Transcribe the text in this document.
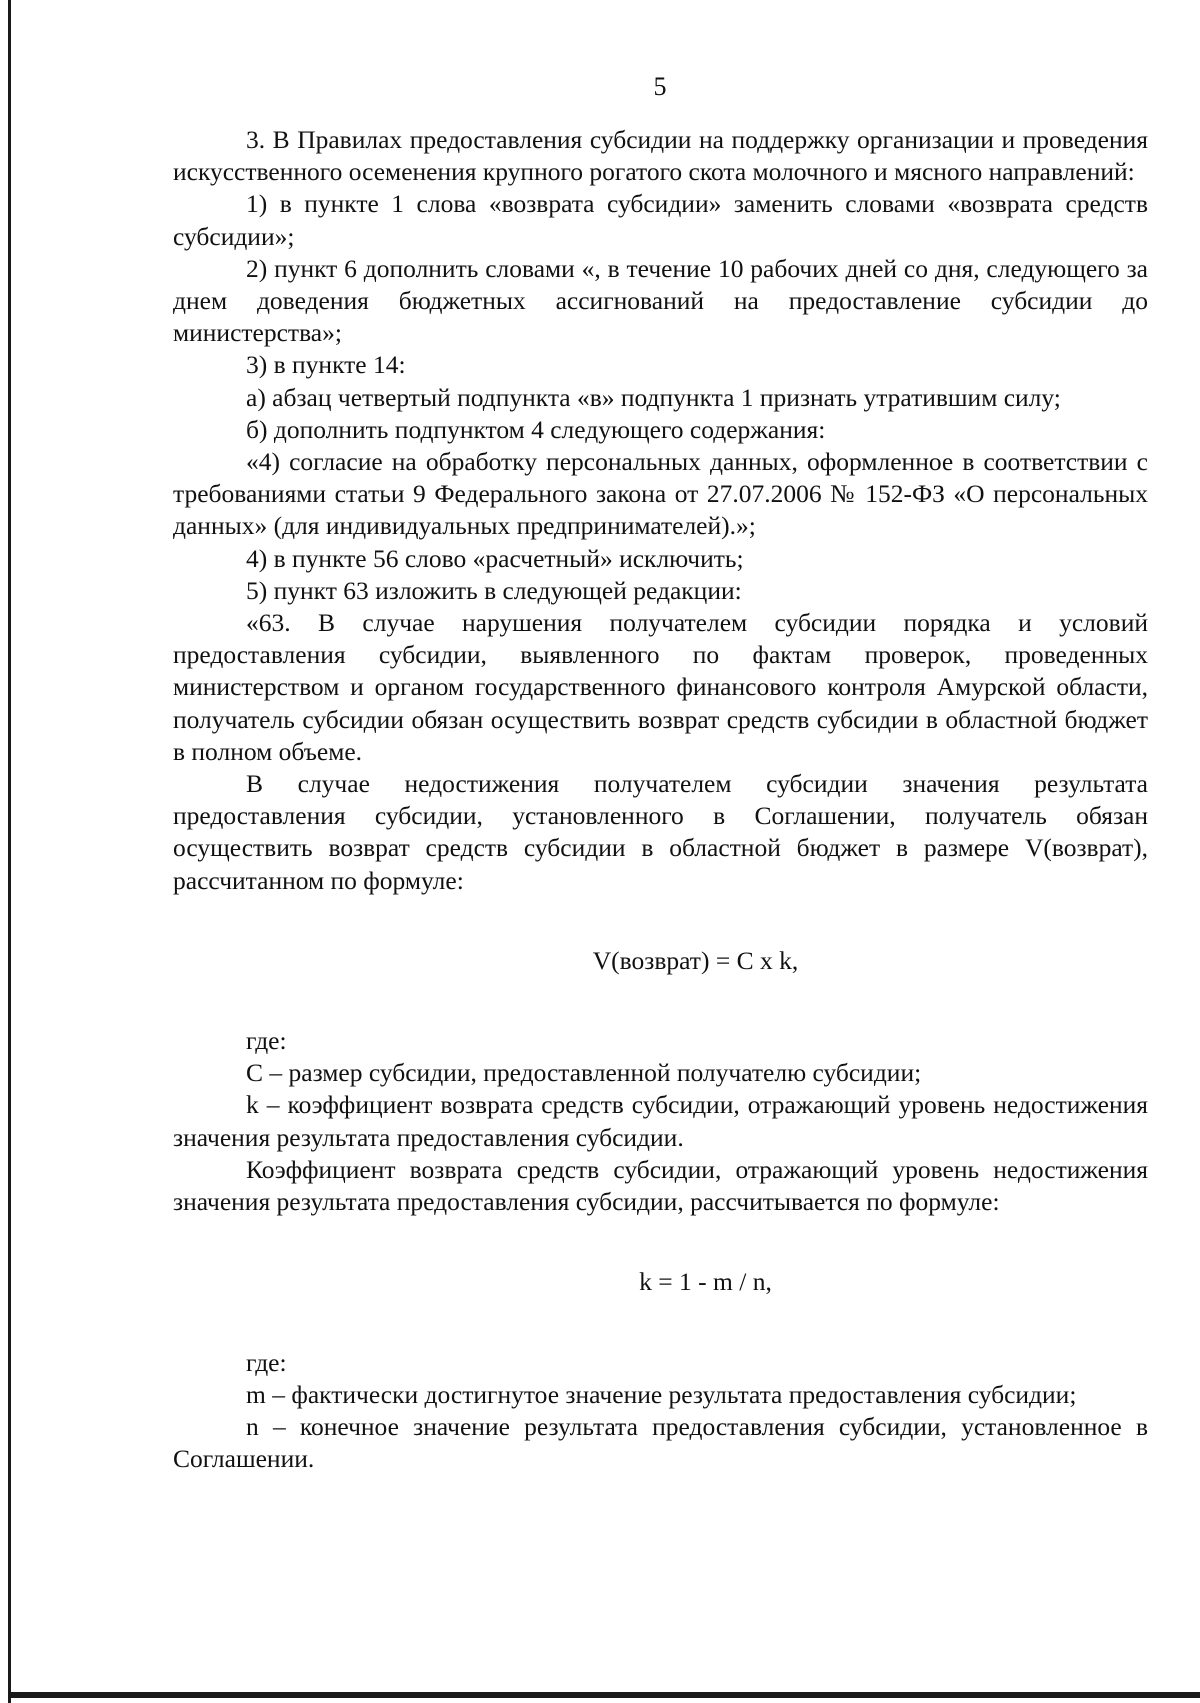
5

3. В Правилах предоставления субсидии на поддержку организации и проведения искусственного осеменения крупного рогатого скота молочного и мясного направлений:

1) в пункте 1 слова «возврата субсидии» заменить словами «возврата средств субсидии»;

2) пункт 6 дополнить словами «, в течение 10 рабочих дней со дня, следующего за днем доведения бюджетных ассигнований на предоставление субсидии до министерства»;

3) в пункте 14:

а) абзац четвертый подпункта «в» подпункта 1 признать утратившим силу;

б) дополнить подпунктом 4 следующего содержания:

«4) согласие на обработку персональных данных, оформленное в соответствии с требованиями статьи 9 Федерального закона от 27.07.2006 № 152-ФЗ «О персональных данных» (для индивидуальных предпринимателей).»;

4) в пункте 56 слово «расчетный» исключить;

5) пункт 63 изложить в следующей редакции:

«63. В случае нарушения получателем субсидии порядка и условий предоставления субсидии, выявленного по фактам проверок, проведенных министерством и органом государственного финансового контроля Амурской области, получатель субсидии обязан осуществить возврат средств субсидии в областной бюджет в полном объеме.

В случае недостижения получателем субсидии значения результата предоставления субсидии, установленного в Соглашении, получатель обязан осуществить возврат средств субсидии в областной бюджет в размере V(возврат), рассчитанном по формуле:

V(возврат) = C x k,

где:

C – размер субсидии, предоставленной получателю субсидии;

k – коэффициент возврата средств субсидии, отражающий уровень недостижения значения результата предоставления субсидии.

Коэффициент возврата средств субсидии, отражающий уровень недостижения значения результата предоставления субсидии, рассчитывается по формуле:

k = 1 - m / n,

где:

m – фактически достигнутое значение результата предоставления субсидии;

n – конечное значение результата предоставления субсидии, установленное в Соглашении.
